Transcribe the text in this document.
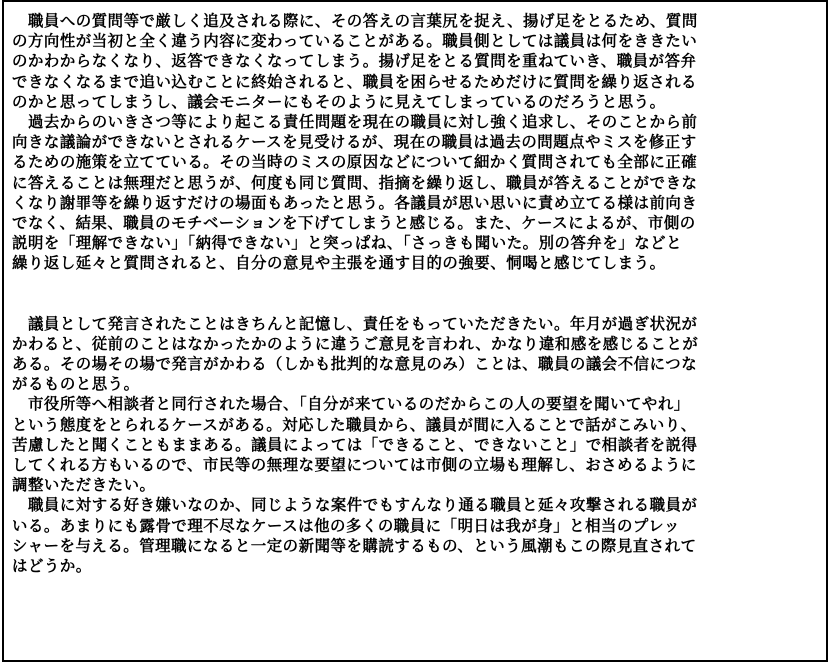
　職員への質問等で厳しく追及される際に、その答えの言葉尻を捉え、揚げ足をとるため、質問

の方向性が当初と全く違う内容に変わっていることがある。職員側としては議員は何をききたい

のかわからなくなり、返答できなくなってしまう。揚げ足をとる質問を重ねていき、職員が答弁

できなくなるまで追い込むことに終始されると、職員を困らせるためだけに質問を繰り返される

のかと思ってしまうし、議会モニターにもそのように見えてしまっているのだろうと思う。

　過去からのいきさつ等により起こる責任問題を現在の職員に対し強く追求し、そのことから前

向きな議論ができないとされるケースを見受けるが、現在の職員は過去の問題点やミスを修正す

るための施策を立てている。その当時のミスの原因などについて細かく質問されても全部に正確

に答えることは無理だと思うが、何度も同じ質問、指摘を繰り返し、職員が答えることができな

くなり謝罪等を繰り返すだけの場面もあったと思う。各議員が思い思いに責め立てる様は前向き

でなく、結果、職員のモチベーションを下げてしまうと感じる。また、ケースによるが、市側の

説明を「理解できない」「納得できない」と突っぱね、「さっきも聞いた。別の答弁を」などと

繰り返し延々と質問されると、自分の意見や主張を通す目的の強要、恫喝と感じてしまう。

　議員として発言されたことはきちんと記憶し、責任をもっていただきたい。年月が過ぎ状況が

かわると、従前のことはなかったかのように違うご意見を言われ、かなり違和感を感じることが

ある。その場その場で発言がかわる（しかも批判的な意見のみ）ことは、職員の議会不信につな

がるものと思う。

　市役所等へ相談者と同行された場合、「自分が来ているのだからこの人の要望を聞いてやれ」

という態度をとられるケースがある。対応した職員から、議員が間に入ることで話がこみいり、

苦慮したと聞くこともままある。議員によっては「できること、できないこと」で相談者を説得

してくれる方もいるので、市民等の無理な要望については市側の立場も理解し、おさめるように

調整いただきたい。

　職員に対する好き嫌いなのか、同じような案件でもすんなり通る職員と延々攻撃される職員が

いる。あまりにも露骨で理不尽なケースは他の多くの職員に「明日は我が身」と相当のプレッ

シャーを与える。管理職になると一定の新聞等を購読するもの、という風潮もこの際見直されて

はどうか。
